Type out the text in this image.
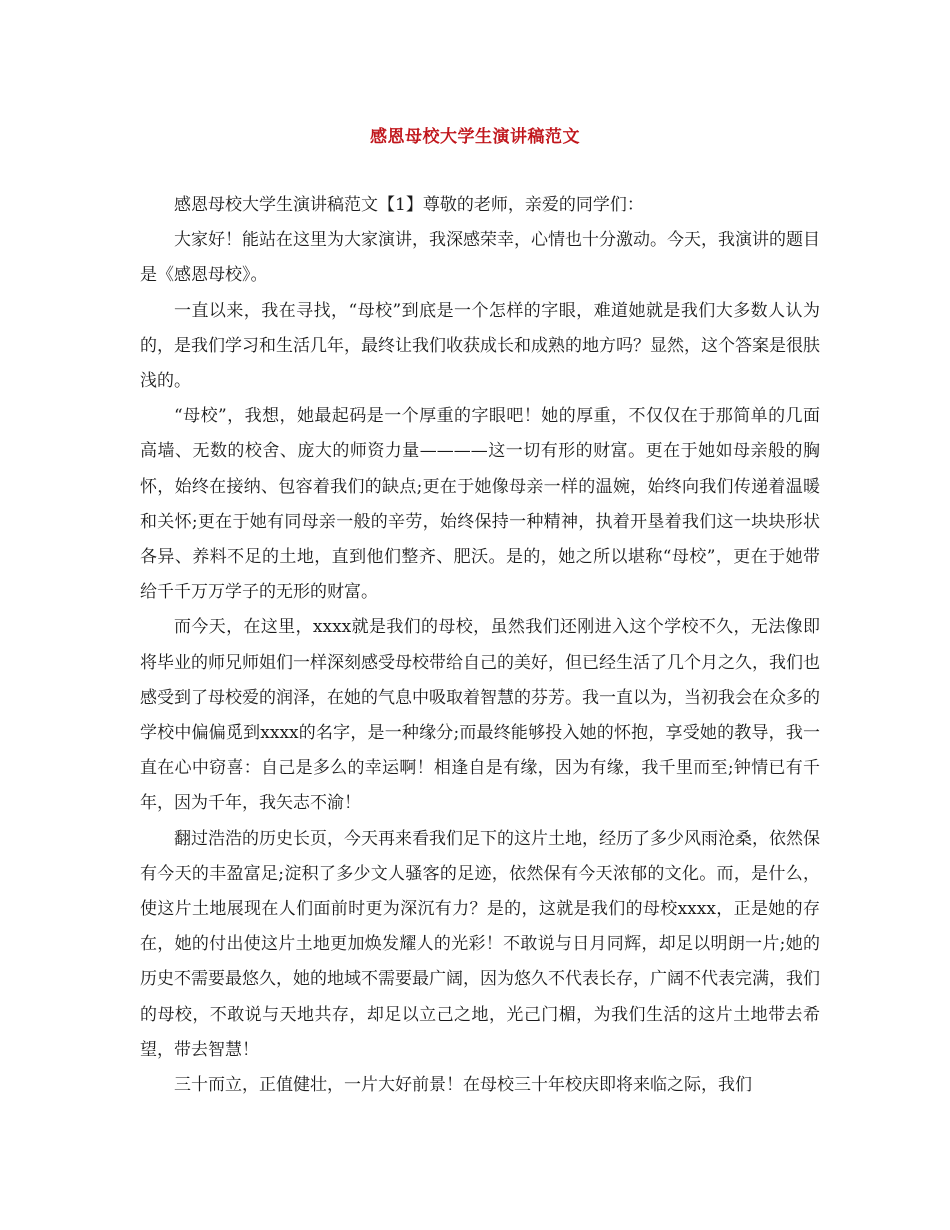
感恩母校大学生演讲稿范文

感恩母校大学生演讲稿范文【1】尊敬的老师，亲爱的同学们：

大家好！能站在这里为大家演讲，我深感荣幸，心情也十分激动。今天，我演讲的题目是《感恩母校》。

一直以来，我在寻找，“母校”到底是一个怎样的字眼，难道她就是我们大多数人认为的，是我们学习和生活几年，最终让我们收获成长和成熟的地方吗？显然，这个答案是很肤浅的。

“母校”，我想，她最起码是一个厚重的字眼吧！她的厚重，不仅仅在于那简单的几面高墙、无数的校舍、庞大的师资力量————这一切有形的财富。更在于她如母亲般的胸怀，始终在接纳、包容着我们的缺点;更在于她像母亲一样的温婉，始终向我们传递着温暖和关怀;更在于她有同母亲一般的辛劳，始终保持一种精神，执着开垦着我们这一块块形状各异、养料不足的土地，直到他们整齐、肥沃。是的，她之所以堪称“母校”，更在于她带给千千万万学子的无形的财富。

而今天，在这里，xxxx就是我们的母校，虽然我们还刚进入这个学校不久，无法像即将毕业的师兄师姐们一样深刻感受母校带给自己的美好，但已经生活了几个月之久，我们也感受到了母校爱的润泽，在她的气息中吸取着智慧的芬芳。我一直以为，当初我会在众多的学校中偏偏觅到xxxx的名字，是一种缘分;而最终能够投入她的怀抱，享受她的教导，我一直在心中窃喜：自己是多么的幸运啊！相逢自是有缘，因为有缘，我千里而至;钟情已有千年，因为千年，我矢志不渝！

翻过浩浩的历史长页，今天再来看我们足下的这片土地，经历了多少风雨沧桑，依然保有今天的丰盈富足;淀积了多少文人骚客的足迹，依然保有今天浓郁的文化。而，是什么，使这片土地展现在人们面前时更为深沉有力？是的，这就是我们的母校xxxx，正是她的存在，她的付出使这片土地更加焕发耀人的光彩！不敢说与日月同辉，却足以明朗一片;她的历史不需要最悠久，她的地域不需要最广阔，因为悠久不代表长存，广阔不代表完满，我们的母校，不敢说与天地共存，却足以立己之地，光己门楣，为我们生活的这片土地带去希望，带去智慧！

三十而立，正值健壮，一片大好前景！在母校三十年校庆即将来临之际，我们
